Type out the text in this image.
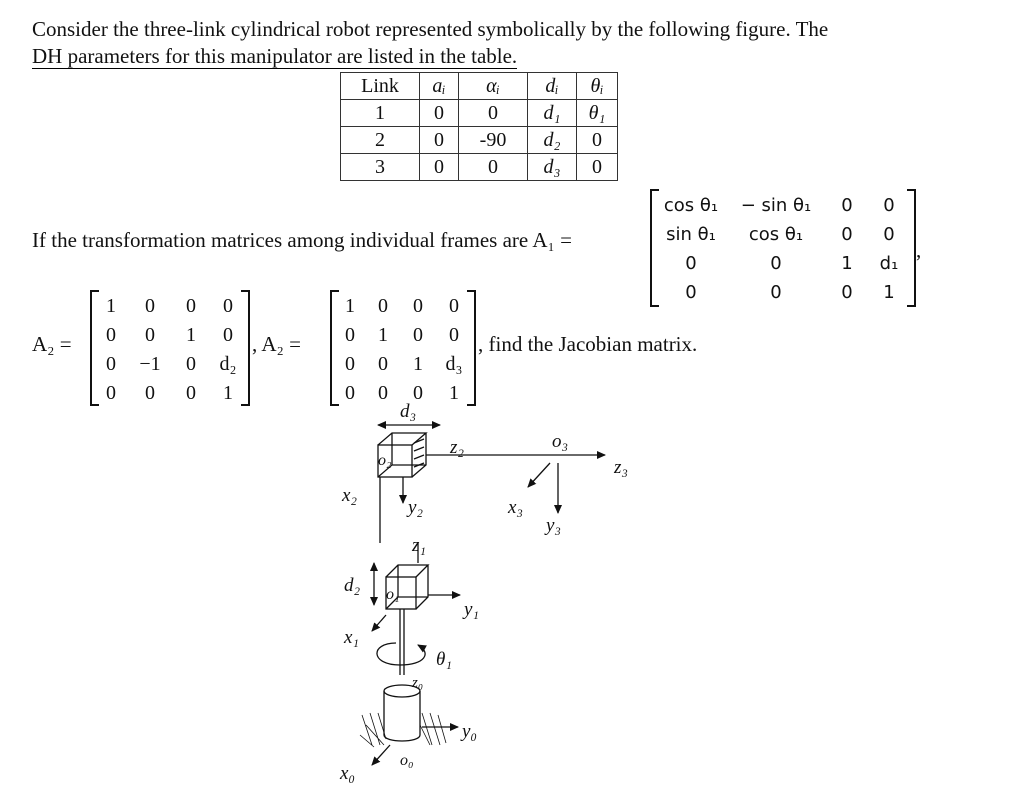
Consider the three-link cylindrical robot represented symbolically by the following figure. The
DH parameters for this manipulator are listed in the table.
Link	aᵢ	αᵢ	dᵢ	θᵢ
1	0	0	d₁	θ₁
2	0	-90	d₂	0
3	0	0	d₃	0
If the transformation matrices among individual frames are A₁ =
cos θ₁	− sin θ₁	0	0
sin θ₁	cos θ₁	0	0
0	0	1	d₁
0	0	0	1
,
A₂ =
1	0	0	0
0	0	1	0
0	−1	0	d₂
0	0	0	1
, A₂ =
1	0	0	0
0	1	0	0
0	0	1	d₃
0	0	0	1
, find the Jacobian matrix.
d₃
o₂
z₂	o₃
z₃
x₂
y₂	x₃
y₃
z₁
d₂ o₁
y₁
x₁
θ₁
z₀
y₀
x₀
o₀
